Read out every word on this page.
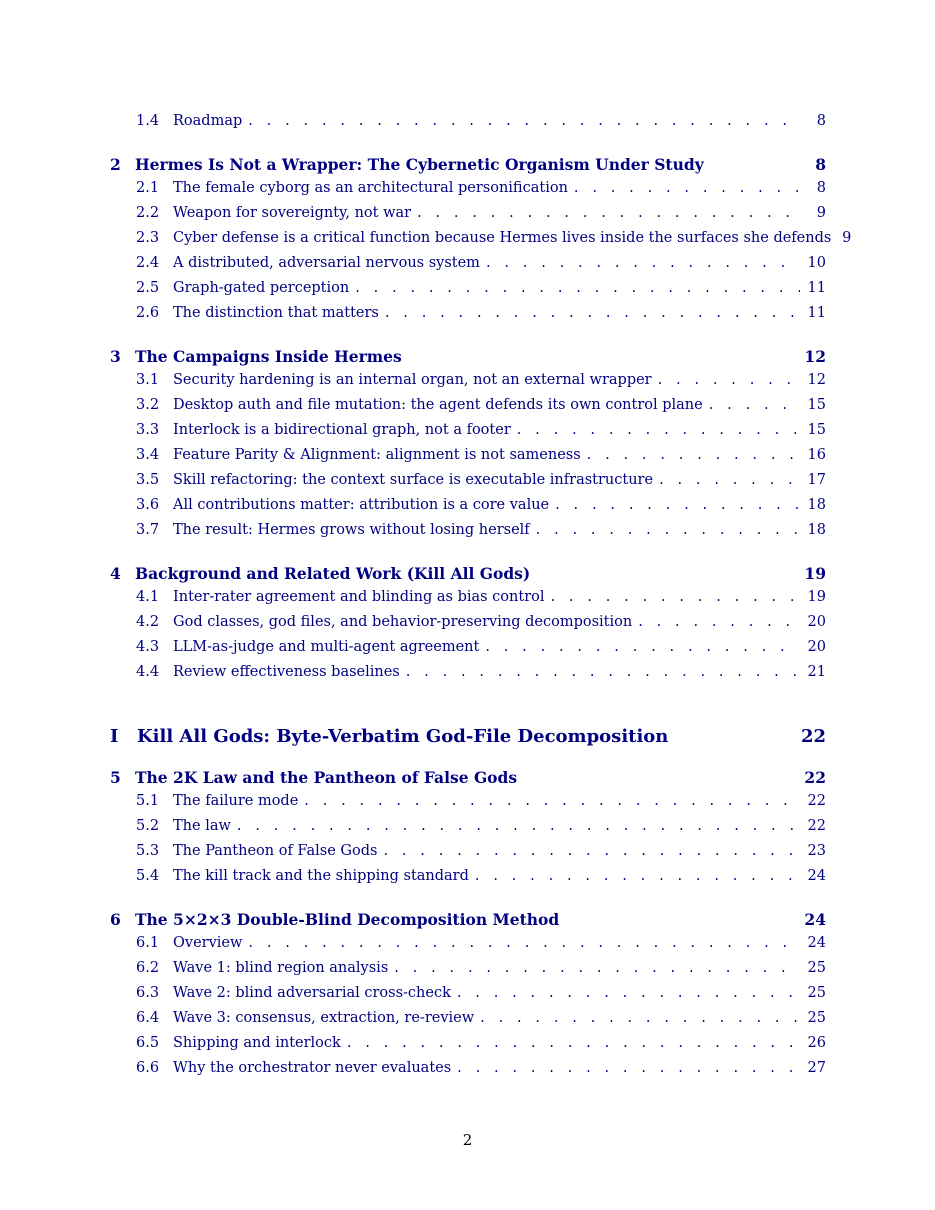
1.4 Roadmap . . .	8
2 Hermes Is Not a Wrapper: The Cybernetic Organism Under Study	8
2.1 The female cyborg as an architectural personification . . .	8
2.2 Weapon for sovereignty, not war . . .	9
2.3 Cyber defense is a critical function because Hermes lives inside the surfaces she defends 9
2.4 A distributed, adversarial nervous system . . .	10
2.5 Graph-gated perception . . .	11
2.6 The distinction that matters . . .	11
3 The Campaigns Inside Hermes	12
3.1 Security hardening is an internal organ, not an external wrapper . . .	12
3.2 Desktop auth and file mutation: the agent defends its own control plane . . .	15
3.3 Interlock is a bidirectional graph, not a footer . . .	15
3.4 Feature Parity & Alignment: alignment is not sameness . . .	16
3.5 Skill refactoring: the context surface is executable infrastructure . . .	17
3.6 All contributions matter: attribution is a core value . . .	18
3.7 The result: Hermes grows without losing herself . . .	18
4 Background and Related Work (Kill All Gods)	19
4.1 Inter-rater agreement and blinding as bias control . . .	19
4.2 God classes, god files, and behavior-preserving decomposition . . .	20
4.3 LLM-as-judge and multi-agent agreement . . .	20
4.4 Review effectiveness baselines . . .	21
I	Kill All Gods: Byte-Verbatim God-File Decomposition	22
5 The 2K Law and the Pantheon of False Gods	22
5.1 The failure mode . . .	22
5.2 The law . . .	22
5.3 The Pantheon of False Gods . . .	23
5.4 The kill track and the shipping standard . . .	24
6 The 5×2×3 Double-Blind Decomposition Method	24
6.1 Overview . . .	24
6.2 Wave 1: blind region analysis . . .	25
6.3 Wave 2: blind adversarial cross-check . . .	25
6.4 Wave 3: consensus, extraction, re-review . . .	25
6.5 Shipping and interlock . . .	26
6.6 Why the orchestrator never evaluates . . .	27
2
